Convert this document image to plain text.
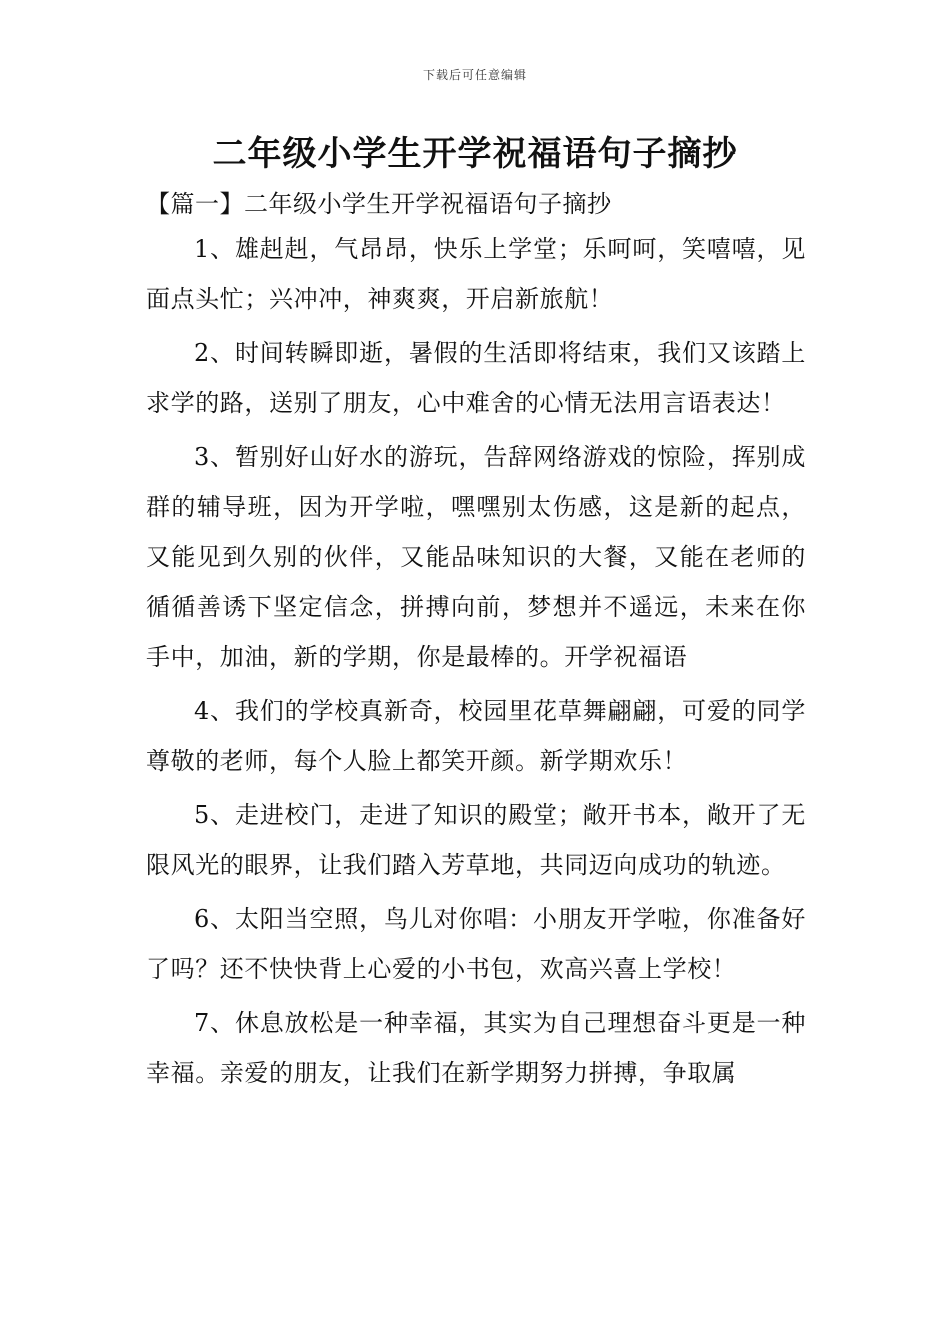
下载后可任意编辑
二年级小学生开学祝福语句子摘抄
【篇一】二年级小学生开学祝福语句子摘抄

1、雄赳赳，气昂昂，快乐上学堂；乐呵呵，笑嘻嘻，见面点头忙；兴冲冲，神爽爽，开启新旅航！

2、时间转瞬即逝，暑假的生活即将结束，我们又该踏上求学的路，送别了朋友，心中难舍的心情无法用言语表达！

3、暂别好山好水的游玩，告辞网络游戏的惊险，挥别成群的辅导班，因为开学啦，嘿嘿别太伤感，这是新的起点，又能见到久别的伙伴，又能品味知识的大餐，又能在老师的循循善诱下坚定信念，拼搏向前，梦想并不遥远，未来在你手中，加油，新的学期，你是最棒的。开学祝福语

4、我们的学校真新奇，校园里花草舞翩翩，可爱的同学尊敬的老师，每个人脸上都笑开颜。新学期欢乐！

5、走进校门，走进了知识的殿堂；敞开书本，敞开了无限风光的眼界，让我们踏入芳草地，共同迈向成功的轨迹。

6、太阳当空照，鸟儿对你唱：小朋友开学啦，你准备好了吗？还不快快背上心爱的小书包，欢高兴喜上学校！

7、休息放松是一种幸福，其实为自己理想奋斗更是一种幸福。亲爱的朋友，让我们在新学期努力拼搏，争取属
